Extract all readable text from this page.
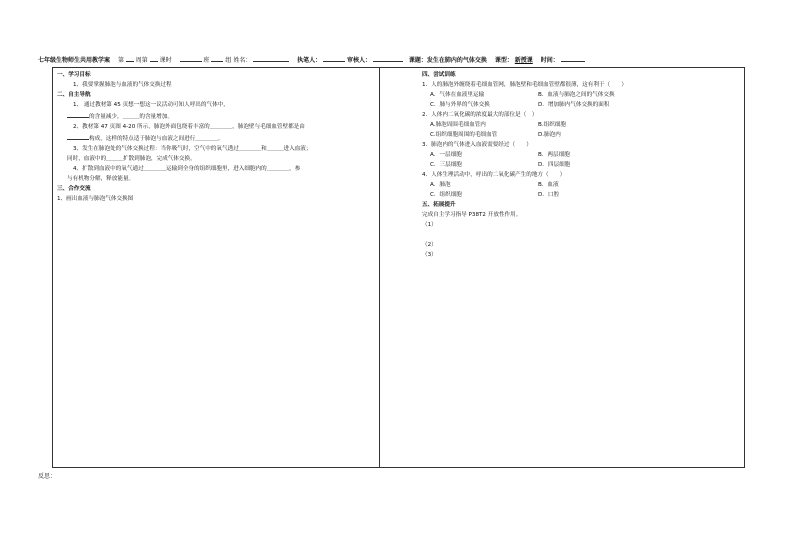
七年级生物师生共用教学案 第 周第 课时	班	组 姓名：	执笔人：	审核人：	课题：发生在肺内的气体交换 课型： 新授课 时间：
一、学习目标
1、我要掌握肺泡与血液的气体交换过程
二、自主导航
1、 通过教材第 45 页想一想这一议活动可知人呼出的气体中，
的含量减少，＿＿＿的含量增加。
2、教材第 47 页图 4-20 所示，肺泡外面包绕着丰富的＿＿＿＿，肺泡壁与毛细血管壁都是由
构成，这样的特点适于肺泡与血液之间进行＿＿＿＿。
3、发生在肺泡处的气体交换过程：当你吸气时，空气中的氧气透过＿＿＿＿和＿＿＿进入血液；
同时，血液中的＿＿＿扩散到肺泡，完成气体交换。
4、扩散到血液中的氧气通过＿＿＿＿运输到全身的组织细胞里，进入细胞内的＿＿＿＿，参
与有机物分解，释放能量。
三、合作交流
1、画出血液与肺泡气体交换图
四、尝试训练
1．人的肺泡外缠绕着毛细血管网，肺泡壁和毛细血管壁都很薄，这有利于（　　）
A．气体在血液里运输	B．血液与肺泡之间的气体交换
C．肺与外界的气体交换	D．增加肺内气体交换的面积
2．人体内二氧化碳的浓度最大的部位是（　）
A.肺泡周围毛细血管内	B.组织细胞
C.组织细胞周围的毛细血管	D.肺泡内
3．肺泡内的气体进入血液需要经过（　　）
A．一层细胞	B．两层细胞
C．三层细胞	D．四层细胞
4．人体生理活动中，呼出的二氧化碳产生的地方（　　）
A．肺泡	B．血液
C．组织细胞	D．口腔
五、拓展提升
完成自主学习指导 P38T2 开放性作用。
（1）
（2）
（3）
反思：
